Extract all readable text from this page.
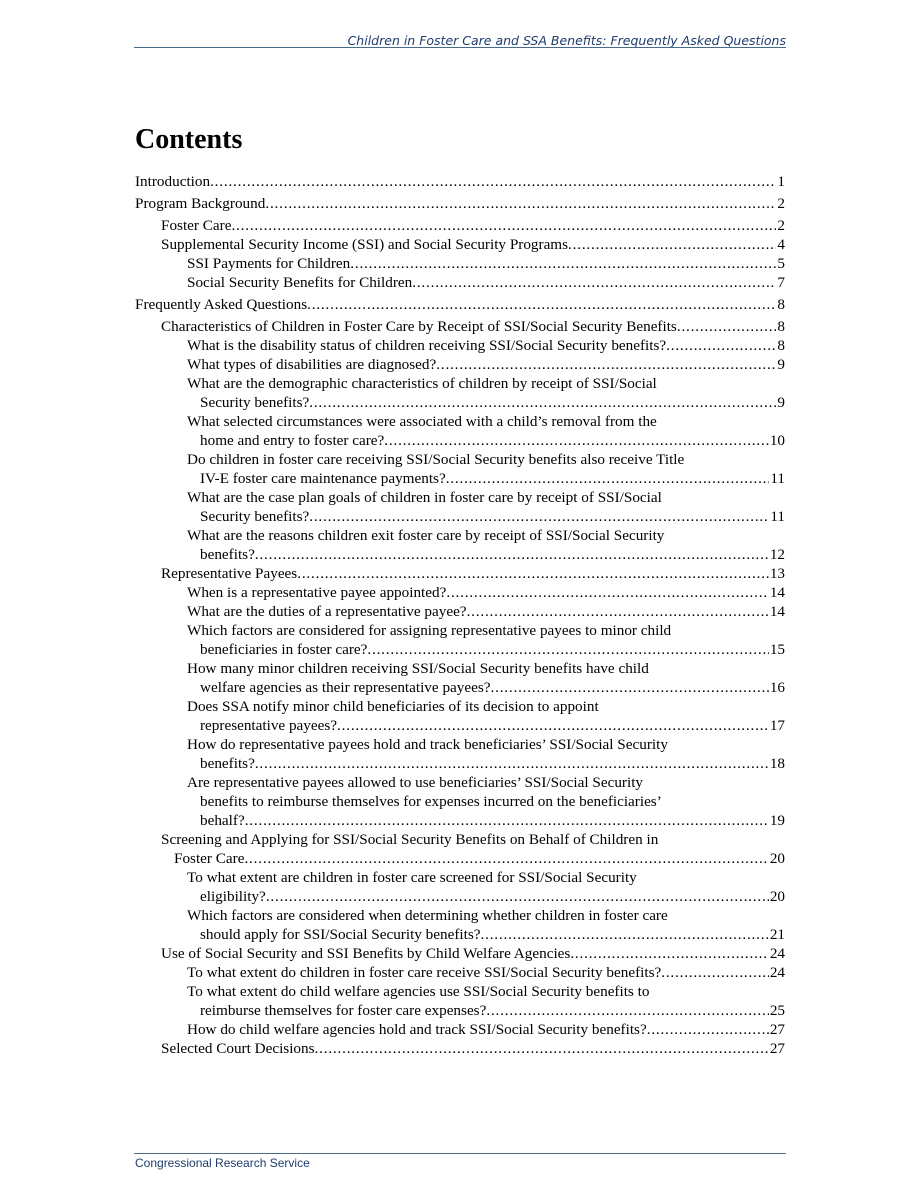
Children in Foster Care and SSA Benefits: Frequently Asked Questions
Contents
Introduction . . .	1
Program Background . . .	2
Foster Care . . .	2
Supplemental Security Income (SSI) and Social Security Programs . . .	4
SSI Payments for Children . . .	5
Social Security Benefits for Children . . .	7
Frequently Asked Questions . . .	8
Characteristics of Children in Foster Care by Receipt of SSI/Social Security Benefits . . .	8
What is the disability status of children receiving SSI/Social Security benefits? . . .	8
What types of disabilities are diagnosed? . . .	9
What are the demographic characteristics of children by receipt of SSI/Social
Security benefits? . . .	9
What selected circumstances were associated with a child’s removal from the
home and entry to foster care? . . .	10
Do children in foster care receiving SSI/Social Security benefits also receive Title
IV-E foster care maintenance payments? . . .	11
What are the case plan goals of children in foster care by receipt of SSI/Social
Security benefits? . . .	11
What are the reasons children exit foster care by receipt of SSI/Social Security
benefits? . . .	12
Representative Payees . . .	13
When is a representative payee appointed? . . .	14
What are the duties of a representative payee? . . .	14
Which factors are considered for assigning representative payees to minor child
beneficiaries in foster care? . . .	15
How many minor children receiving SSI/Social Security benefits have child
welfare agencies as their representative payees? . . .	16
Does SSA notify minor child beneficiaries of its decision to appoint
representative payees? . . .	17
How do representative payees hold and track beneficiaries’ SSI/Social Security
benefits? . . .	18
Are representative payees allowed to use beneficiaries’ SSI/Social Security
benefits to reimburse themselves for expenses incurred on the beneficiaries’
behalf? . . .	19
Screening and Applying for SSI/Social Security Benefits on Behalf of Children in
Foster Care . . .	20
To what extent are children in foster care screened for SSI/Social Security
eligibility? . . .	20
Which factors are considered when determining whether children in foster care
should apply for SSI/Social Security benefits? . . .	21
Use of Social Security and SSI Benefits by Child Welfare Agencies . . .	24
To what extent do children in foster care receive SSI/Social Security benefits? . . .	24
To what extent do child welfare agencies use SSI/Social Security benefits to
reimburse themselves for foster care expenses? . . .	25
How do child welfare agencies hold and track SSI/Social Security benefits? . . .	27
Selected Court Decisions . . .	27
Congressional Research Service
